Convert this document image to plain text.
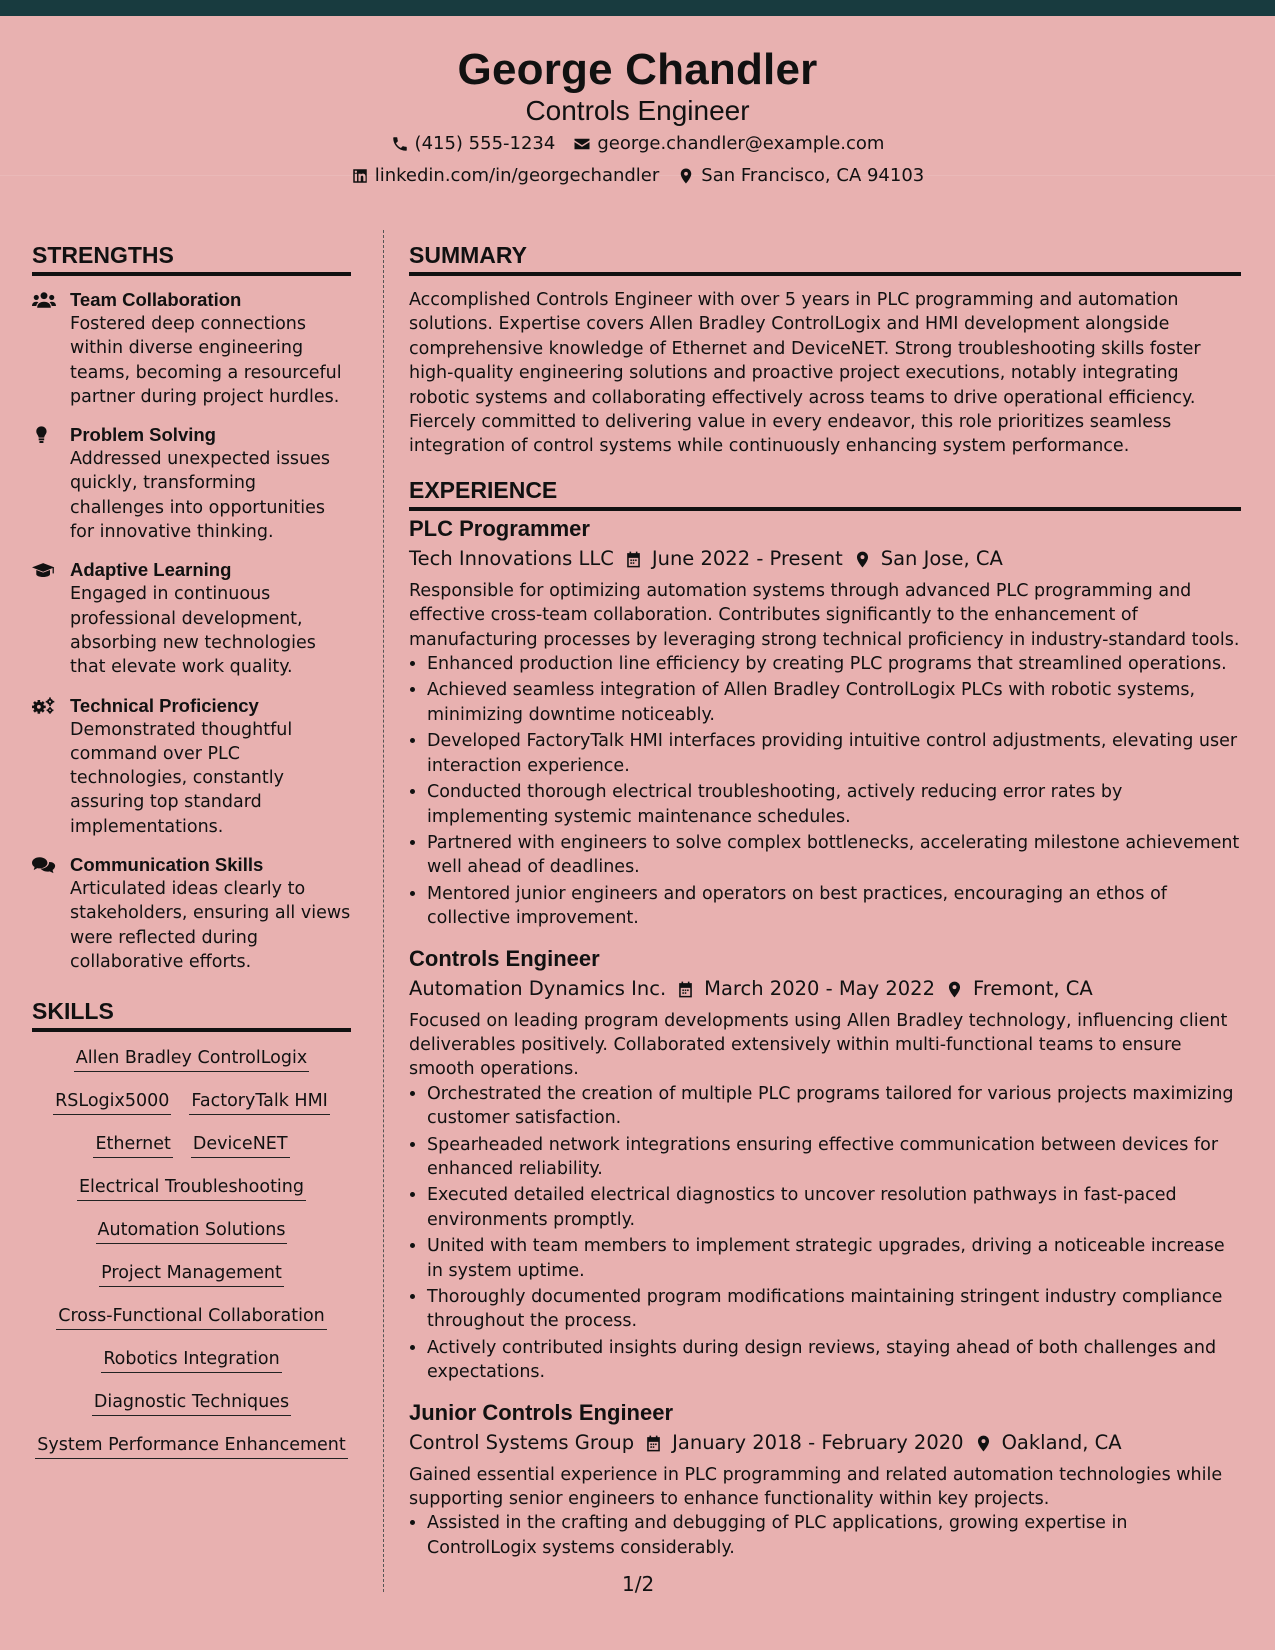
George Chandler
Controls Engineer
(415) 555-1234 george.chandler@example.com
linkedin.com/in/georgechandler San Francisco, CA 94103
STRENGTHS
Team Collaboration
Fostered deep connections within diverse engineering teams, becoming a resourceful partner during project hurdles.
Problem Solving
Addressed unexpected issues quickly, transforming challenges into opportunities for innovative thinking.
Adaptive Learning
Engaged in continuous professional development, absorbing new technologies that elevate work quality.
Technical Proficiency
Demonstrated thoughtful command over PLC technologies, constantly assuring top standard implementations.
Communication Skills
Articulated ideas clearly to stakeholders, ensuring all views were reflected during collaborative efforts.
SKILLS
Allen Bradley ControlLogix
RSLogix5000 FactoryTalk HMI
Ethernet DeviceNET
Electrical Troubleshooting
Automation Solutions
Project Management
Cross-Functional Collaboration
Robotics Integration
Diagnostic Techniques
System Performance Enhancement
SUMMARY

Accomplished Controls Engineer with over 5 years in PLC programming and automation solutions. Expertise covers Allen Bradley ControlLogix and HMI development alongside comprehensive knowledge of Ethernet and DeviceNET. Strong troubleshooting skills foster high-quality engineering solutions and proactive project executions, notably integrating robotic systems and collaborating effectively across teams to drive operational efficiency. Fiercely committed to delivering value in every endeavor, this role prioritizes seamless integration of control systems while continuously enhancing system performance.

EXPERIENCE
PLC Programmer
Tech Innovations LLC June 2022 - Present San Jose, CA

Responsible for optimizing automation systems through advanced PLC programming and effective cross-team collaboration. Contributes significantly to the enhancement of manufacturing processes by leveraging strong technical proficiency in industry-standard tools.

• Enhanced production line efficiency by creating PLC programs that streamlined operations.
• Achieved seamless integration of Allen Bradley ControlLogix PLCs with robotic systems, minimizing downtime noticeably.
• Developed FactoryTalk HMI interfaces providing intuitive control adjustments, elevating user interaction experience.
• Conducted thorough electrical troubleshooting, actively reducing error rates by implementing systemic maintenance schedules.
• Partnered with engineers to solve complex bottlenecks, accelerating milestone achievement well ahead of deadlines.
• Mentored junior engineers and operators on best practices, encouraging an ethos of collective improvement.
Controls Engineer
Automation Dynamics Inc. March 2020 - May 2022 Fremont, CA

Focused on leading program developments using Allen Bradley technology, influencing client deliverables positively. Collaborated extensively within multi-functional teams to ensure smooth operations.

• Orchestrated the creation of multiple PLC programs tailored for various projects maximizing customer satisfaction.
• Spearheaded network integrations ensuring effective communication between devices for enhanced reliability.
• Executed detailed electrical diagnostics to uncover resolution pathways in fast-paced environments promptly.
• United with team members to implement strategic upgrades, driving a noticeable increase in system uptime.
• Thoroughly documented program modifications maintaining stringent industry compliance throughout the process.
• Actively contributed insights during design reviews, staying ahead of both challenges and expectations.
Junior Controls Engineer
Control Systems Group January 2018 - February 2020 Oakland, CA

Gained essential experience in PLC programming and related automation technologies while supporting senior engineers to enhance functionality within key projects.

• Assisted in the crafting and debugging of PLC applications, growing expertise in ControlLogix systems considerably.
1/2
